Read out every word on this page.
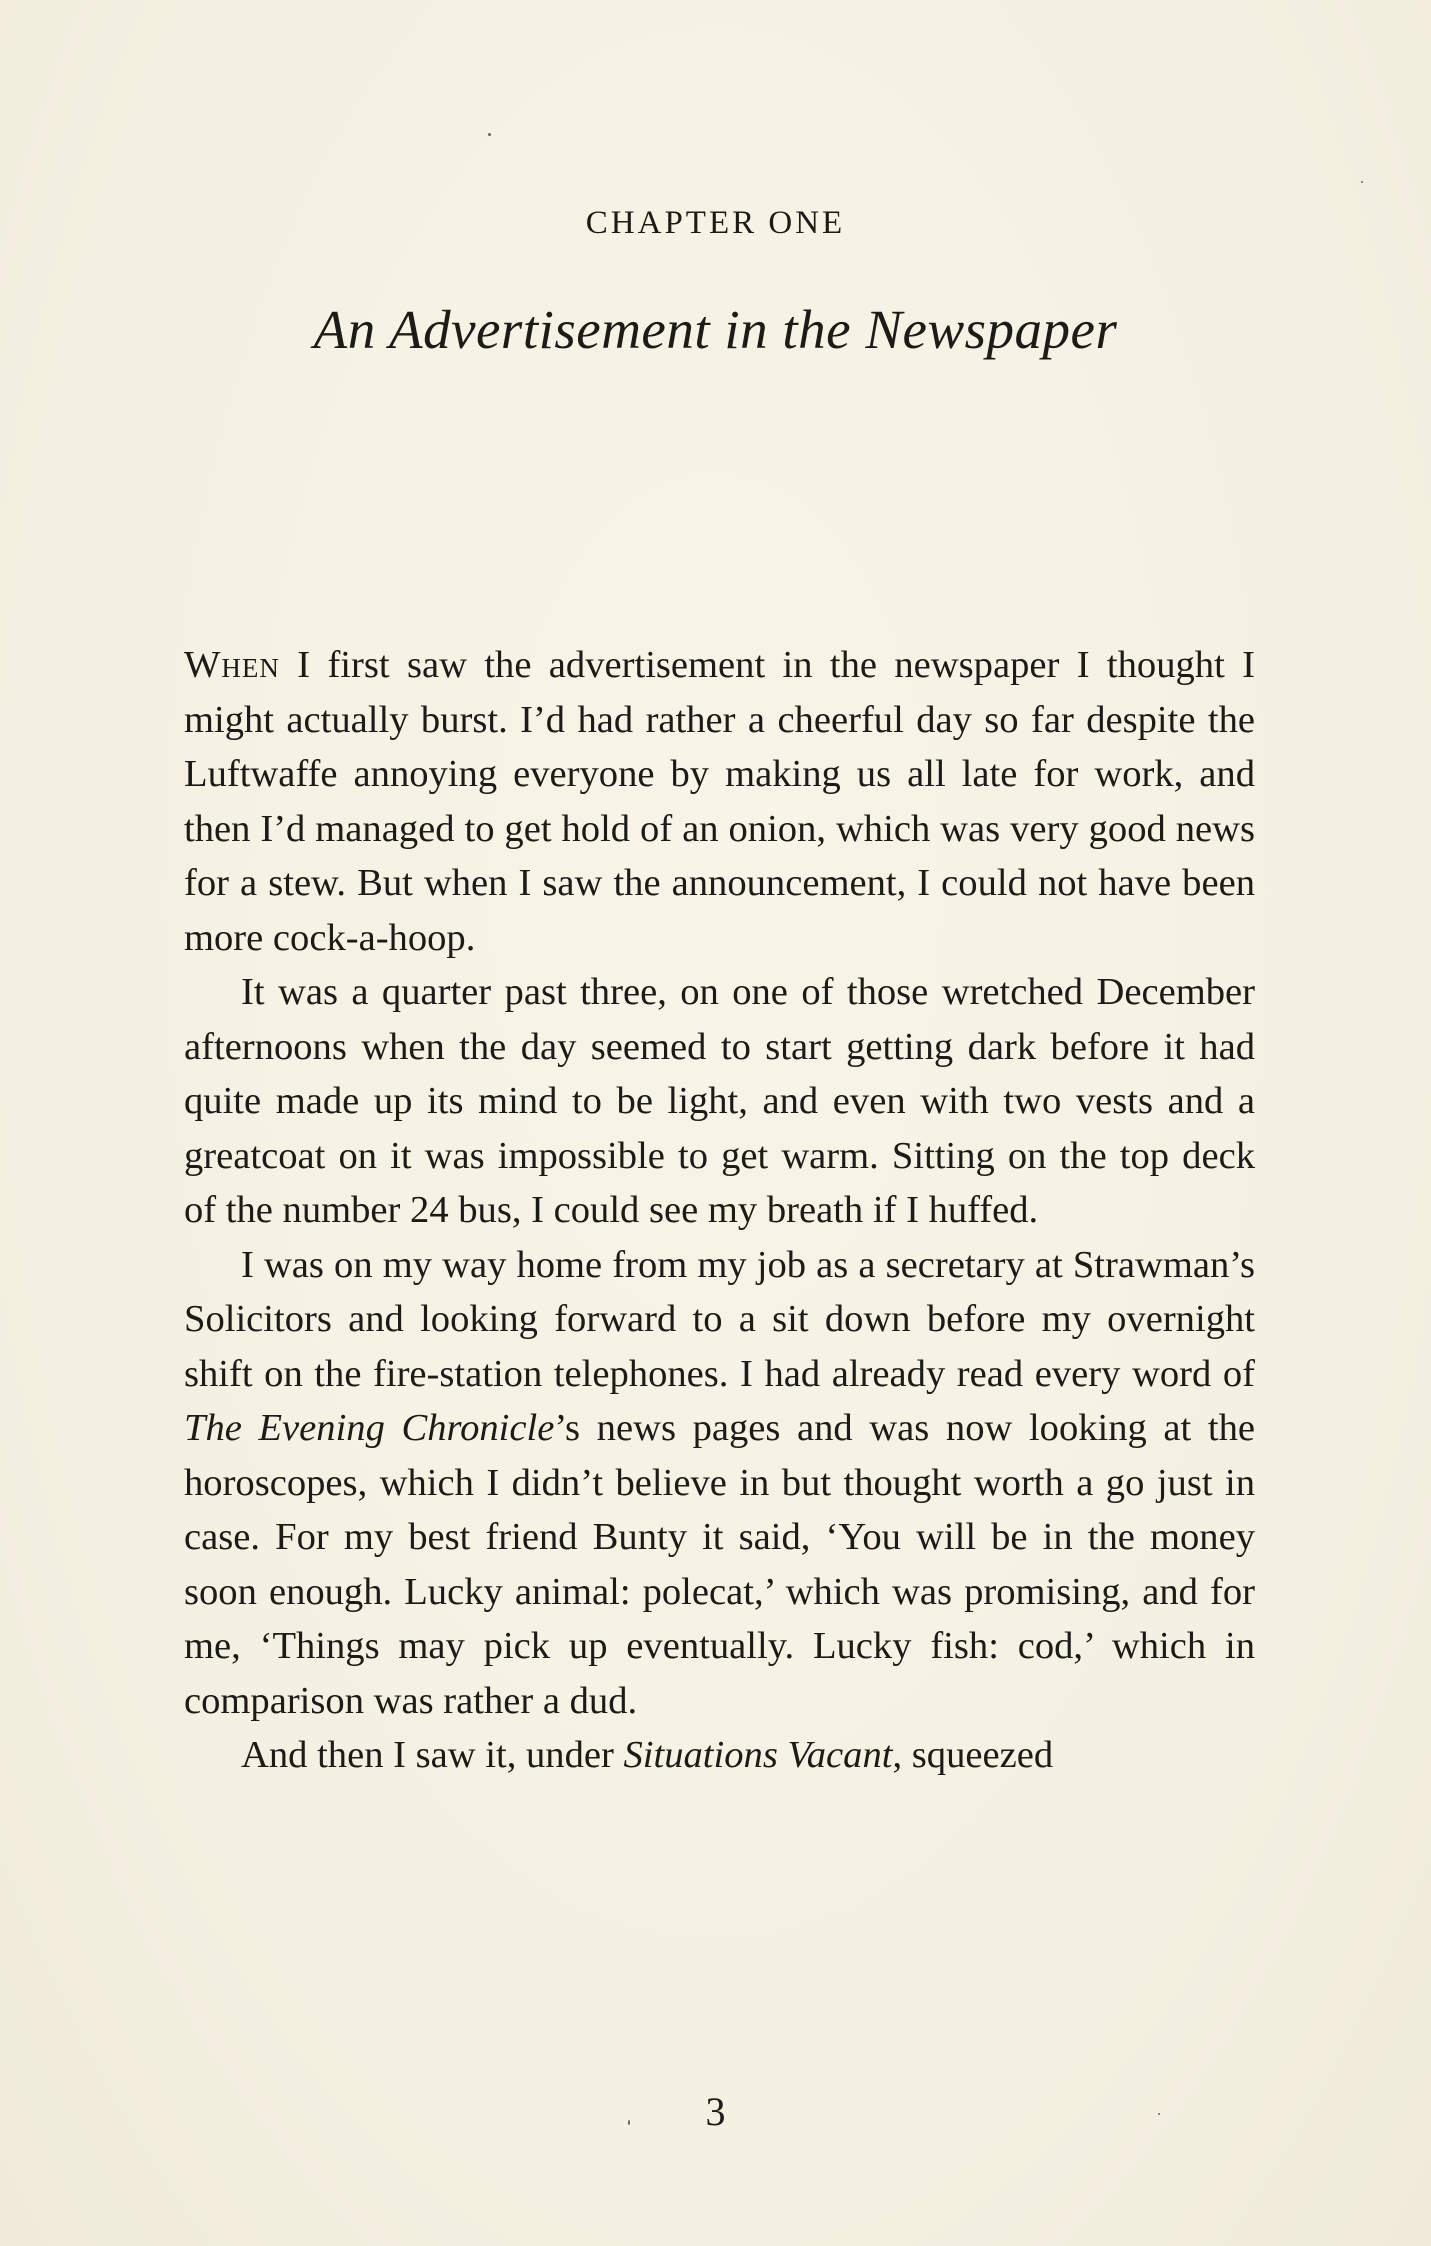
CHAPTER ONE
An Advertisement in the Newspaper

When I first saw the advertisement in the newspaper I thought I might actually burst. I’d had rather a cheerful day so far despite the Luftwaffe annoying everyone by making us all late for work, and then I’d managed to get hold of an onion, which was very good news for a stew. But when I saw the announcement, I could not have been more cock-a-hoop.

It was a quarter past three, on one of those wretched December afternoons when the day seemed to start getting dark before it had quite made up its mind to be light, and even with two vests and a greatcoat on it was impossible to get warm. Sitting on the top deck of the number 24 bus, I could see my breath if I huffed.

I was on my way home from my job as a secretary at Strawman’s Solicitors and looking forward to a sit down before my overnight shift on the fire-station telephones. I had already read every word of The Evening Chronicle’s news pages and was now looking at the horoscopes, which I didn’t believe in but thought worth a go just in case. For my best friend Bunty it said, ‘You will be in the money soon enough. Lucky animal: polecat,’ which was promising, and for me, ‘Things may pick up eventually. Lucky fish: cod,’ which in comparison was rather a dud.

And then I saw it, under Situations Vacant, squeezed

3
